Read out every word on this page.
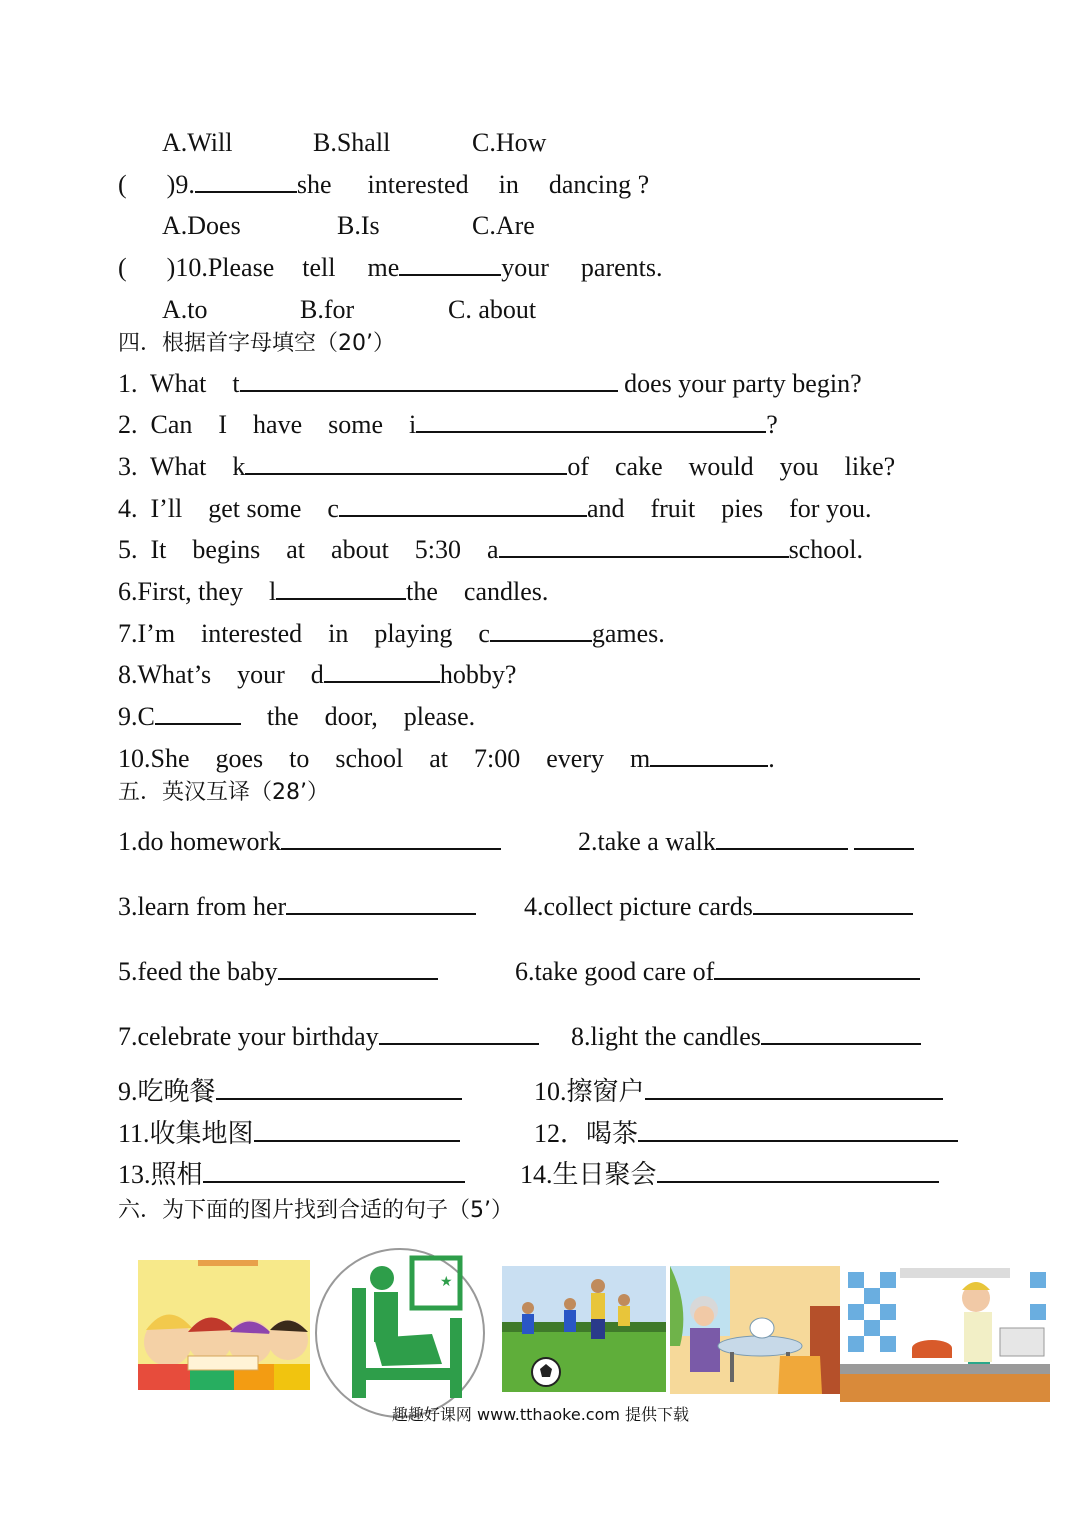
A.Will	B.Shall	C.How
( )9.	she interested in dancing ?
A.Does	B.Is	C.Are
( )10.Please tell me	your parents.
A.to	B.for	C. about
四．根据首字母填空（20’）
1.  What    t	does your party begin?
2.  Can    I    have    some    i	?
3.  What    k	of    cake    would    you    like?
4.  I’ll    get some    c	and    fruit    pies    for you.
5.  It    begins    at    about    5:30    a	school.
6.First, they    l	the    candles.
7.I’m    interested    in    playing    c	games.
8.What’s    your    d	hobby?
9.C	the    door,    please.
10.She    goes    to    school    at    7:00    every    m	.
五．英汉互译（28’）
1.do homework	2.take a walk
3.learn from her	4.collect picture cards
5.feed the baby	6.take good care of
7.celebrate your birthday	8.light the candles
9.吃晚餐	10.擦窗户
11.收集地图	12．喝茶
13.照相	14.生日聚会
六．为下面的图片找到合适的句子（5’）
★
趣趣好课网 www.tthaoke.com 提供下载
